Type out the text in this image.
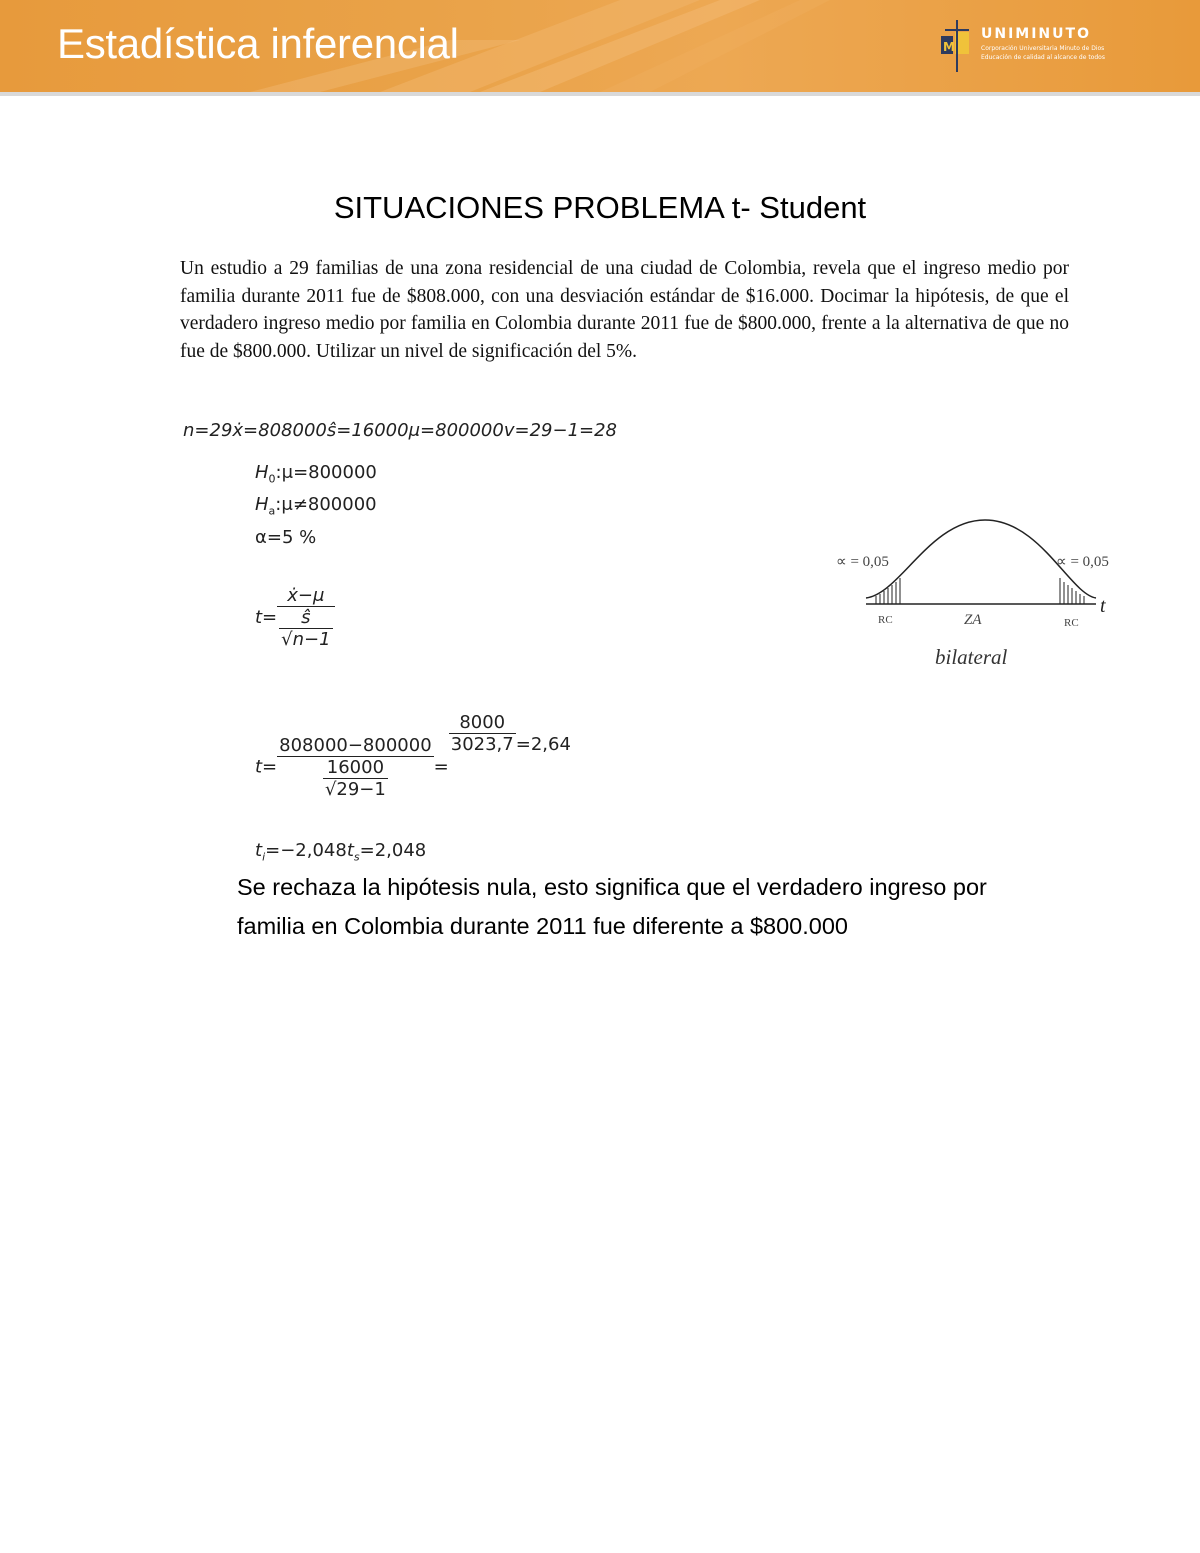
Estadística inferencial	M
UNIMINUTO
Corporación Universitaria Minuto de Dios
Educación de calidad al alcance de todos
SITUACIONES PROBLEMA t- Student
Un estudio a 29 familias de una zona residencial de una ciudad de Colombia, revela que el ingreso medio por familia durante 2011 fue de $808.000, con una desviación estándar de $16.000. Docimar la hipótesis, de que el verdadero ingreso medio por familia en Colombia durante 2011 fue de $800.000, frente a la alternativa de que no fue de $800.000. Utilizar un nivel de significación del 5%.
n=29ẋ=808000ŝ=16000μ=800000v=29−1=28
$H_0:\mu=800000$
$H_a:\mu\ne 800000$
α=5 %
$t= \frac{\text{ẋ−μ}}{\frac{ŝ}{√n-1}}$
$t= \frac{808000-800000}{\frac{16000}{√29-1}}$ =
$\frac{8000}{3023,7} =2,64$
$t_i=-2,048t_s=2,048$
Se rechaza la hipótesis nula, esto significa que el verdadero ingreso por familia en Colombia durante 2011 fue diferente a $800.000
∝ = 0,05	∝ = 0,05
t
RC	ZA	RC
bilateral
